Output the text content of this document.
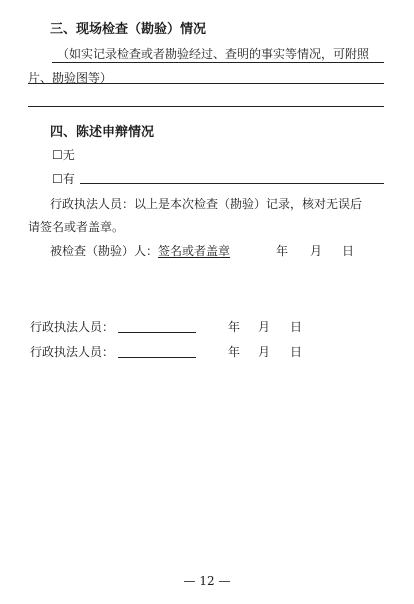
三、现场检查（勘验）情况
（如实记录检查或者勘验经过、查明的事实等情况，可附照
片、勘验图等）
四、陈述申辩情况
☐无
☐有
行政执法人员：以上是本次检查（勘验）记录，核对无误后
请签名或者盖章。
被检查（勘验）人：签名或者盖章	年 月 日
行政执法人员：	年 月 日
行政执法人员：	年 月 日
— 12 —
